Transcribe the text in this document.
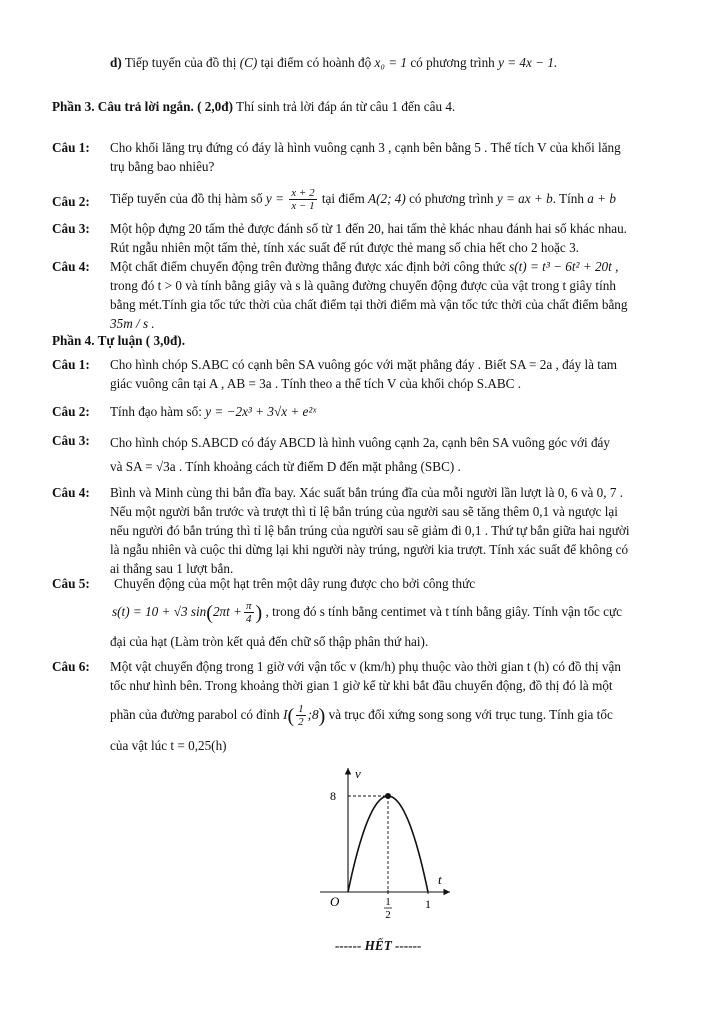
d) Tiếp tuyến của đồ thị (C) tại điểm có hoành độ x₀ = 1 có phương trình y = 4x − 1.
Phần 3. Câu trả lời ngắn. ( 2,0đ) Thí sinh trả lời đáp án từ câu 1 đến câu 4.
Câu 1: Cho khối lăng trụ đứng có đáy là hình vuông cạnh 3 , cạnh bên bằng 5 . Thể tích V của khối lăng
trụ bằng bao nhiêu?
Câu 2: Tiếp tuyến của đồ thị hàm số $y = \frac{x + 2}{x - 1}$ tại điểm A(2; 4) có phương trình y = ax + b. Tính a + b
Câu 3: Một hộp đựng 20 tấm thẻ được đánh số từ 1 đến 20, hai tấm thẻ khác nhau đánh hai số khác nhau.
Rút ngẫu nhiên một tấm thẻ, tính xác suất để rút được thẻ mang số chia hết cho 2 hoặc 3.
Câu 4: Một chất điểm chuyển động trên đường thẳng được xác định bởi công thức s(t) = t³ − 6t² + 20t ,
trong đó t > 0 và tính bằng giây và s là quãng đường chuyển động được của vật trong t giây tính
bằng mét.Tính gia tốc tức thời của chất điểm tại thời điểm mà vận tốc tức thời của chất điểm bằng
35m / s .
Phần 4. Tự luận ( 3,0đ).
Câu 1: Cho hình chóp S.ABC có cạnh bên SA vuông góc với mặt phẳng đáy . Biết SA = 2a , đáy là tam
giác vuông cân tại A , AB = 3a . Tính theo a thể tích V của khối chóp S.ABC .
Câu 2: Tính đạo hàm số: y = −2x³ + 3√x + e²ˣ
Câu 3: Cho hình chóp S.ABCD có đáy ABCD là hình vuông cạnh 2a, cạnh bên SA vuông góc với đáy
và SA = √3a . Tính khoảng cách từ điểm D đến mặt phẳng (SBC) .
Câu 4: Bình và Minh cùng thi bắn đĩa bay. Xác suất bắn trúng đĩa của mỗi người lần lượt là 0, 6 và 0, 7 .
Nếu một người bắn trước và trượt thì tỉ lệ bắn trúng của người sau sẽ tăng thêm 0,1 và ngược lại
nếu người đó bắn trúng thì tỉ lệ bắn trúng của người sau sẽ giảm đi 0,1 . Thứ tự bắn giữa hai người
là ngẫu nhiên và cuộc thi dừng lại khi người này trúng, người kia trượt. Tính xác suất để không có
ai thắng sau 1 lượt bắn.
Câu 5:	Chuyển động của một hạt trên một dây rung được cho bởi công thức
s(t) = 10 + √3 $\sin(2\pi t + \frac{\pi}{4}$ ) , trong đó s tính bằng centimet và t tính bằng giây. Tính vận tốc cực
đại của hạt (Làm tròn kết quả đến chữ số thập phân thứ hai).
Câu 6: Một vật chuyển động trong 1 giờ với vận tốc v (km/h) phụ thuộc vào thời gian t (h) có đồ thị vận
tốc như hình bên. Trong khoảng thời gian 1 giờ kể từ khi bắt đầu chuyển động, đồ thị đó là một
phần của đường parabol có đỉnh $I( \frac{1}{2}$ ;8) và trục đối xứng song song với trục tung. Tính gia tốc
của vật lúc t = 0,25(h)
v
t
O
8
1
2
1
------ HẾT ------
